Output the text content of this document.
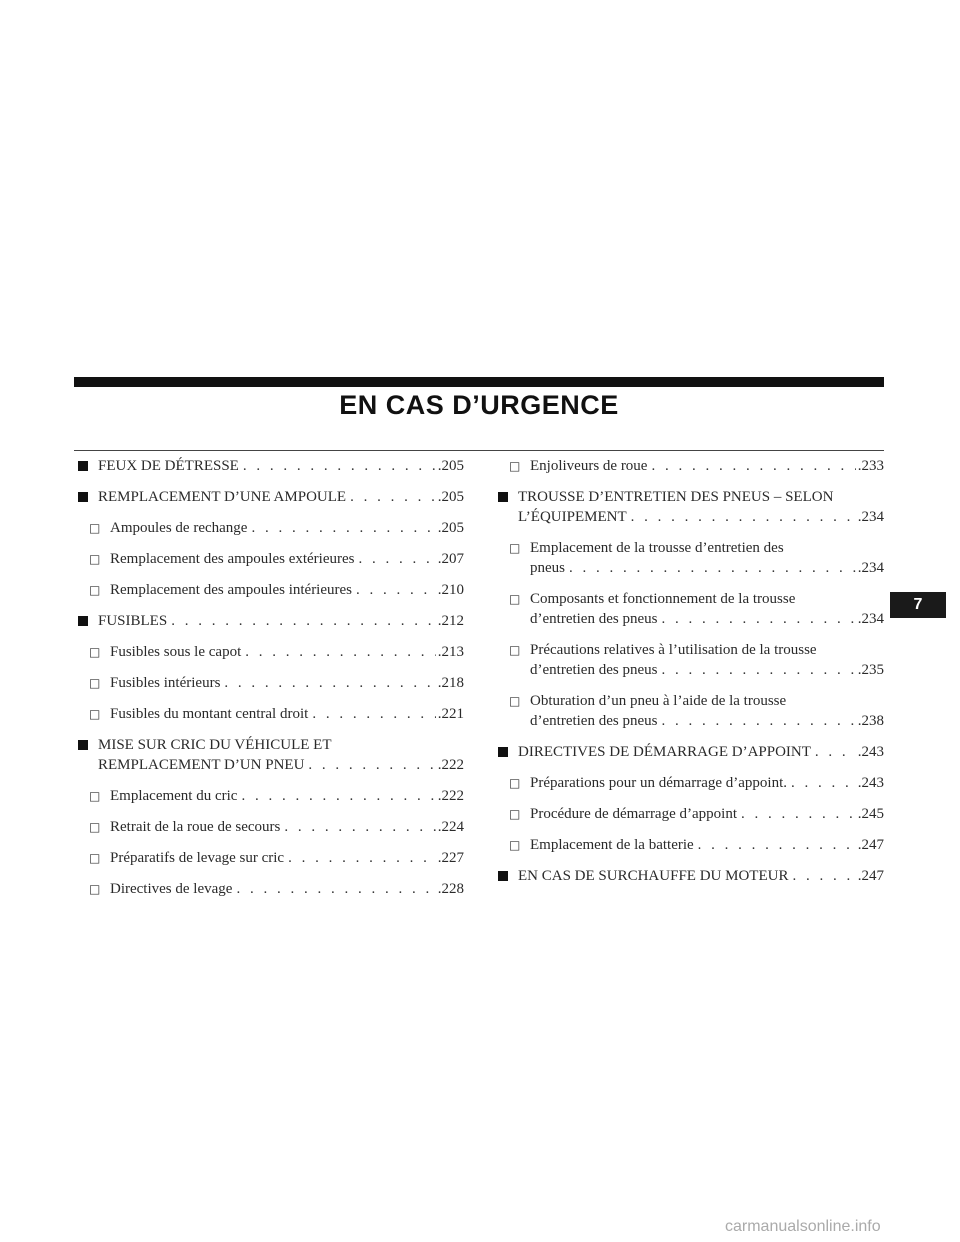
EN CAS D’URGENCE
FEUX DE DÉTRESSE . . .	.205
REMPLACEMENT D’UNE AMPOULE . . .	.205
□ Ampoules de rechange . . .	.205
□ Remplacement des ampoules extérieures . . .	.207
□ Remplacement des ampoules intérieures . . .	.210
FUSIBLES . . .	.212
□ Fusibles sous le capot . . .	.213
□ Fusibles intérieurs . . .	.218
□ Fusibles du montant central droit . . .	.221
MISE SUR CRIC DU VÉHICULE ET
REMPLACEMENT D’UN PNEU . . .	.222
□ Emplacement du cric . . .	.222
□ Retrait de la roue de secours . . .	.224
□ Préparatifs de levage sur cric . . .	.227
□ Directives de levage . . .	.228
□ Enjoliveurs de roue . . .	.233
TROUSSE D’ENTRETIEN DES PNEUS – SELON
L’ÉQUIPEMENT . . .	.234
□ Emplacement de la trousse d’entretien des
pneus . . .	.234
□ Composants et fonctionnement de la trousse
d’entretien des pneus . . .	.234
□ Précautions relatives à l’utilisation de la trousse
d’entretien des pneus . . .	.235
□ Obturation d’un pneu à l’aide de la trousse
d’entretien des pneus . . .	.238
DIRECTIVES DE DÉMARRAGE D’APPOINT . . .	.243
□ Préparations pour un démarrage d’appoint. . . .	.243
□ Procédure de démarrage d’appoint . . .	.245
□ Emplacement de la batterie . . .	.247
EN CAS DE SURCHAUFFE DU MOTEUR . . .	.247
7
carmanualsonline.info
